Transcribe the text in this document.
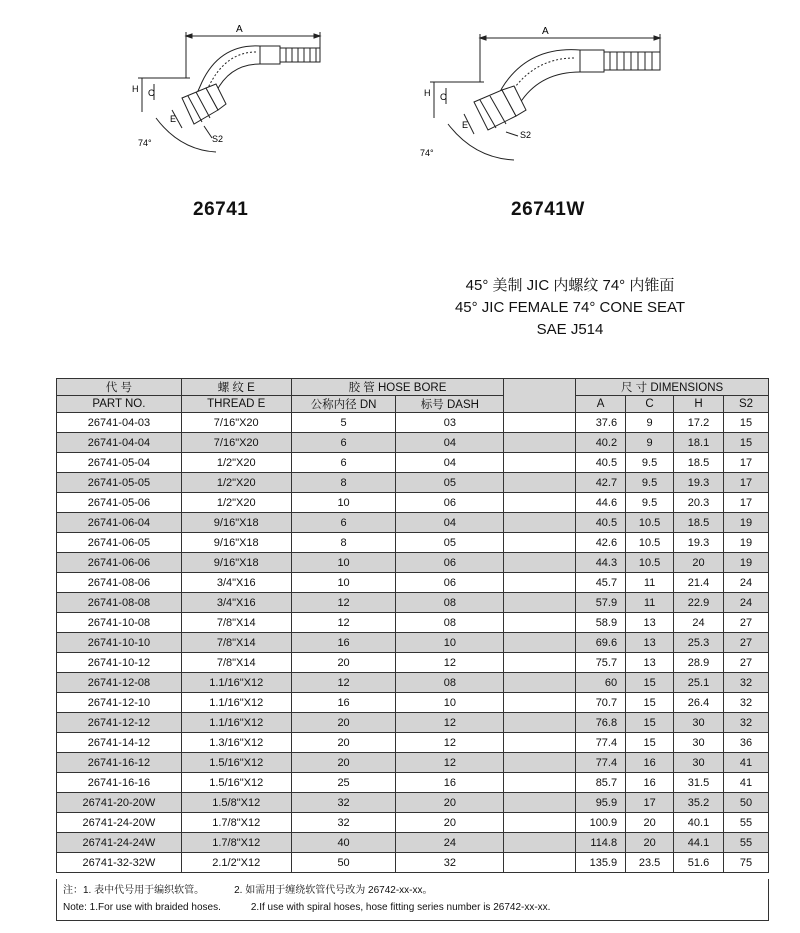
A
H C
E
S2
74°
A
H C
E
S2
74°
26741	26741W
45° 美制 JIC 内螺纹 74° 内锥面
45° JIC FEMALE 74° CONE SEAT
SAE J514
代 号	螺 纹 E	胶 管 HOSE BORE			尺 寸 DIMENSIONS			
PART NO.	THREAD E	公称内径 DN	标号 DASH		A	C	H	S2
26741-04-03	7/16"X20	5	03		37.6	9	17.2	15
26741-04-04	7/16"X20	6	04		40.2	9	18.1	15
26741-05-04	1/2"X20	6	04		40.5	9.5	18.5	17
26741-05-05	1/2"X20	8	05		42.7	9.5	19.3	17
26741-05-06	1/2"X20	10	06		44.6	9.5	20.3	17
26741-06-04	9/16"X18	6	04		40.5	10.5	18.5	19
26741-06-05	9/16"X18	8	05		42.6	10.5	19.3	19
26741-06-06	9/16"X18	10	06		44.3	10.5	20	19
26741-08-06	3/4"X16	10	06		45.7	11	21.4	24
26741-08-08	3/4"X16	12	08		57.9	11	22.9	24
26741-10-08	7/8"X14	12	08		58.9	13	24	27
26741-10-10	7/8"X14	16	10		69.6	13	25.3	27
26741-10-12	7/8"X14	20	12		75.7	13	28.9	27
26741-12-08	1.1/16"X12	12	08		60	15	25.1	32
26741-12-10	1.1/16"X12	16	10		70.7	15	26.4	32
26741-12-12	1.1/16"X12	20	12		76.8	15	30	32
26741-14-12	1.3/16"X12	20	12		77.4	15	30	36
26741-16-12	1.5/16"X12	20	12		77.4	16	30	41
26741-16-16	1.5/16"X12	25	16		85.7	16	31.5	41
26741-20-20W	1.5/8"X12	32	20		95.9	17	35.2	50
26741-24-20W	1.7/8"X12	32	20		100.9	20	40.1	55
26741-24-24W	1.7/8"X12	40	24		114.8	20	44.1	55
26741-32-32W	2.1/2"X12	50	32		135.9	23.5	51.6	75
注：1. 表中代号用于编织软管。	2. 如需用于缠绕软管代号改为 26742-xx-xx。
Note: 1.For use with braided hoses.	2.If use with spiral hoses, hose fitting series number is 26742-xx-xx.
